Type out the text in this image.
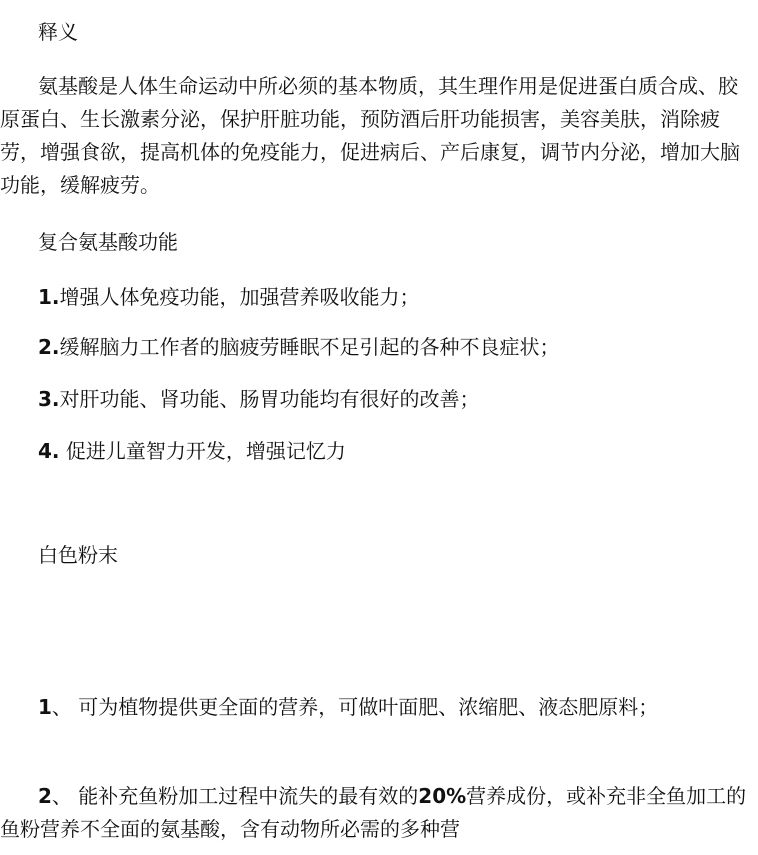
释义

氨基酸是人体生命运动中所必须的基本物质，其生理作用是促进蛋白质合成、胶原蛋白、生长激素分泌，保护肝脏功能，预防酒后肝功能损害，美容美肤，消除疲劳，增强食欲，提高机体的免疫能力，促进病后、产后康复，调节内分泌，增加大脑功能，缓解疲劳。

复合氨基酸功能

1.增强人体免疫功能，加强营养吸收能力；

2.缓解脑力工作者的脑疲劳睡眠不足引起的各种不良症状；

3.对肝功能、肾功能、肠胃功能均有很好的改善；

4. 促进儿童智力开发，增强记忆力

白色粉末

1、 可为植物提供更全面的营养，可做叶面肥、浓缩肥、液态肥原料；

2、 能补充鱼粉加工过程中流失的最有效的20%营养成份，或补充非全鱼加工的鱼粉营养不全面的氨基酸，含有动物所必需的多种营
